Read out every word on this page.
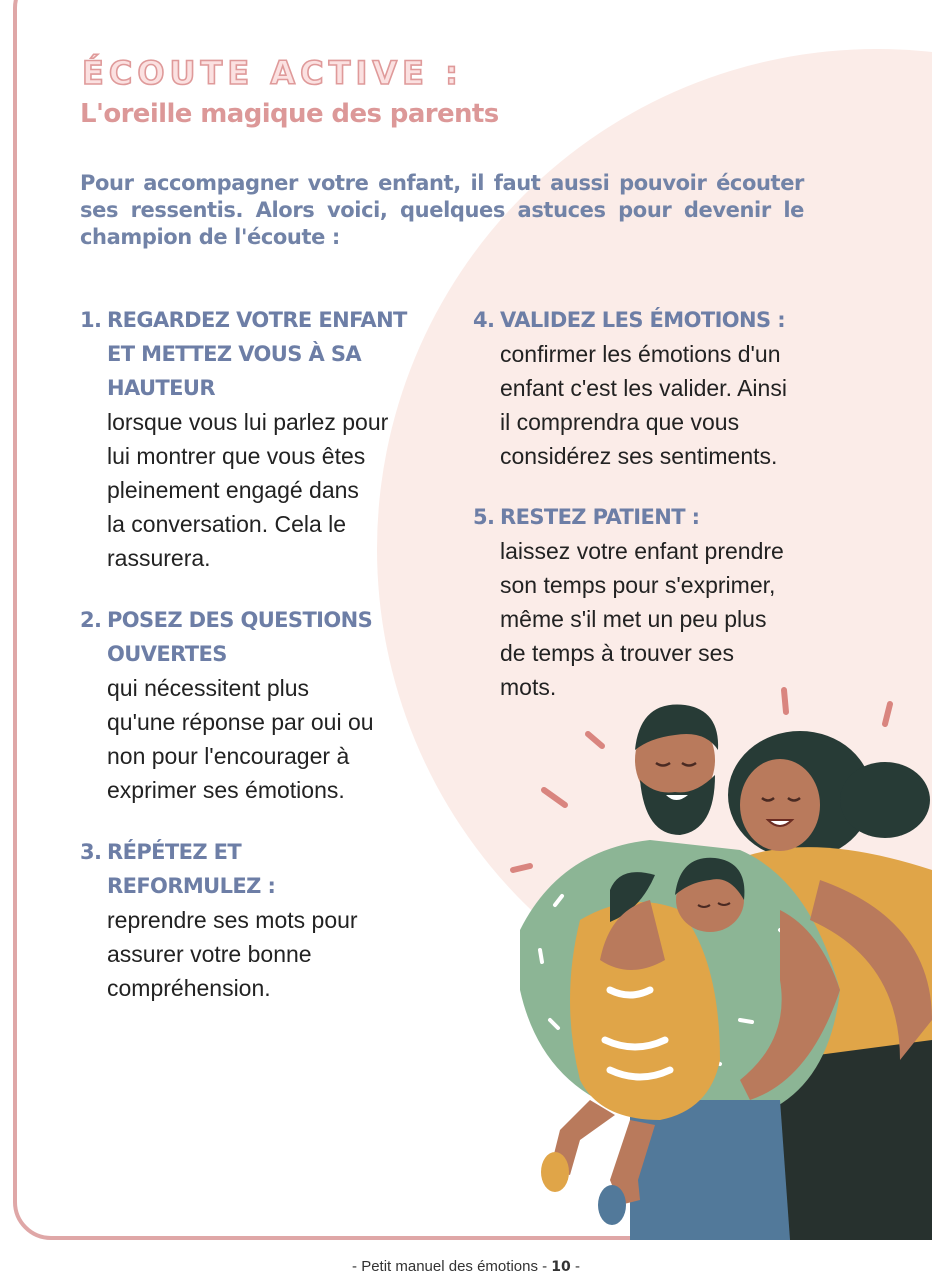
ÉCOUTE ACTIVE :
L'oreille magique des parents

Pour accompagner votre enfant, il faut aussi pouvoir écouter ses ressentis. Alors voici, quelques astuces pour devenir le champion de l'écoute :

1. REGARDEZ VOTRE ENFANT
ET METTEZ VOUS À SA
HAUTEUR
lorsque vous lui parlez pour
lui montrer que vous êtes
pleinement engagé dans
la conversation. Cela le
rassurera.
2. POSEZ DES QUESTIONS
OUVERTES
qui nécessitent plus
qu'une réponse par oui ou
non pour l'encourager à
exprimer ses émotions.
3. RÉPÉTEZ ET
REFORMULEZ :
reprendre ses mots pour
assurer votre bonne
compréhension.
4. VALIDEZ LES ÉMOTIONS :
confirmer les émotions d'un
enfant c'est les valider. Ainsi
il comprendra que vous
considérez ses sentiments.
5. RESTEZ PATIENT :
laissez votre enfant prendre
son temps pour s'exprimer,
même s'il met un peu plus
de temps à trouver ses
mots.
- Petit manuel des émotions - 10 -
